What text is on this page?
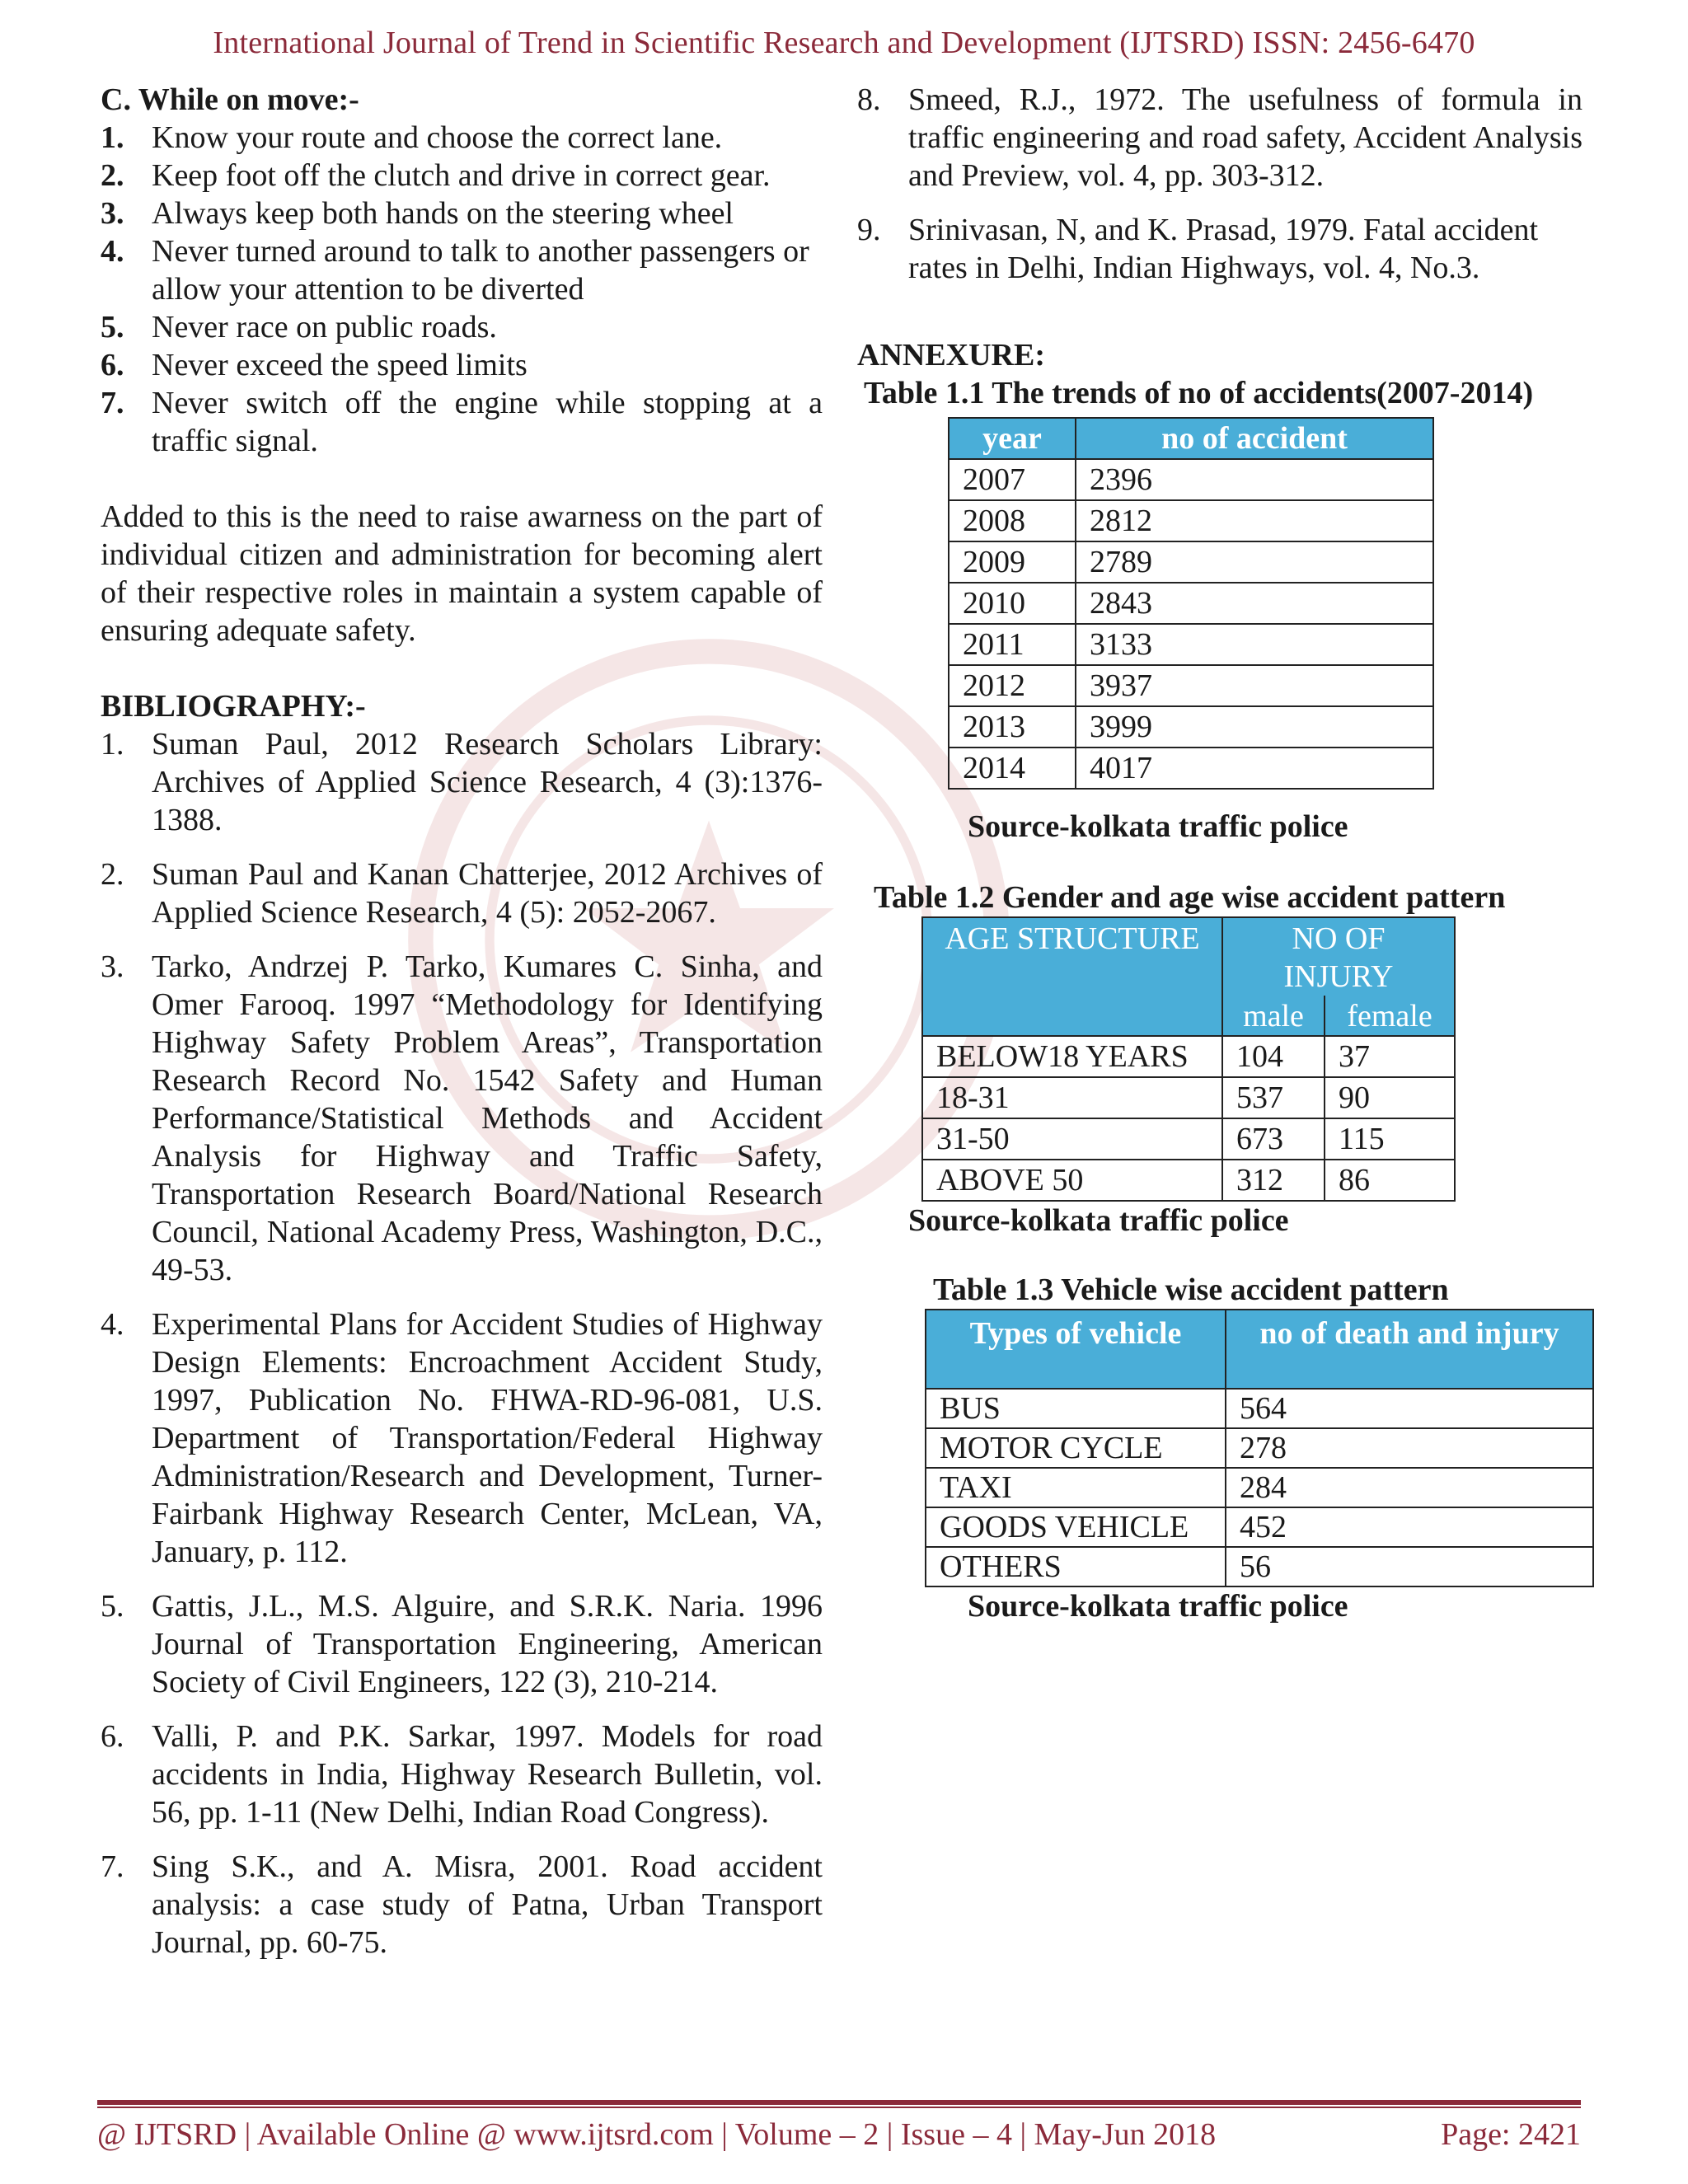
International Journal of Trend in Scientific Research and Development (IJTSRD) ISSN: 2456-6470
C. While on move:-
1. Know your route and choose the correct lane.
2. Keep foot off the clutch and drive in correct gear.
3. Always keep both hands on the steering wheel
4. Never turned around to talk to another passengers or allow your attention to be diverted
5. Never race on public roads.
6. Never exceed the speed limits
7. Never switch off the engine while stopping at a traffic signal.

Added to this is the need to raise awarness on the part of individual citizen and administration for becoming alert of their respective roles in maintain a system capable of ensuring adequate safety.

BIBLIOGRAPHY:-
1. Suman Paul, 2012 Research Scholars Library: Archives of Applied Science Research, 4 (3):1376-1388.
2. Suman Paul and Kanan Chatterjee, 2012 Archives of Applied Science Research, 4 (5): 2052-2067.
3. Tarko, Andrzej P. Tarko, Kumares C. Sinha, and Omer Farooq. 1997 “Methodology for Identifying Highway Safety Problem Areas”, Transportation Research Record No. 1542 Safety and Human Performance/Statistical Methods and Accident Analysis for Highway and Traffic Safety, Transportation Research Board/National Research Council, National Academy Press, Washington, D.C., 49-53.
4. Experimental Plans for Accident Studies of Highway Design Elements: Encroachment Accident Study, 1997, Publication No. FHWA-RD-96-081, U.S. Department of Transportation/Federal Highway Administration/Research and Development, Turner-Fairbank Highway Research Center, McLean, VA, January, p. 112.
5. Gattis, J.L., M.S. Alguire, and S.R.K. Naria. 1996 Journal of Transportation Engineering, American Society of Civil Engineers, 122 (3), 210-214.
6. Valli, P. and P.K. Sarkar, 1997. Models for road accidents in India, Highway Research Bulletin, vol. 56, pp. 1-11 (New Delhi, Indian Road Congress).
7. Sing S.K., and A. Misra, 2001. Road accident analysis: a case study of Patna, Urban Transport Journal, pp. 60-75.
8. Smeed, R.J., 1972. The usefulness of formula in traffic engineering and road safety, Accident Analysis and Preview, vol. 4, pp. 303-312.
9. Srinivasan, N, and K. Prasad, 1979. Fatal accident rates in Delhi, Indian Highways, vol. 4, No.3.
ANNEXURE:
Table 1.1 The trends of no of accidents(2007-2014)
year	no of accident
2007	2396
2008	2812
2009	2789
2010	2843
2011	3133
2012	3937
2013	3999
2014	4017
Source-kolkata traffic police
Table 1.2 Gender and age wise accident pattern
AGE STRUCTURE	NO OF INJURY	
	male	female
BELOW18 YEARS	104	37
18-31	537	90
31-50	673	115
ABOVE 50	312	86
Source-kolkata traffic police
Table 1.3 Vehicle wise accident pattern
Types of vehicle	no of death and injury
BUS	564
MOTOR CYCLE	278
TAXI	284
GOODS VEHICLE	452
OTHERS	56
Source-kolkata traffic police
@ IJTSRD | Available Online @ www.ijtsrd.com | Volume – 2 | Issue – 4 | May-Jun 2018	Page: 2421
